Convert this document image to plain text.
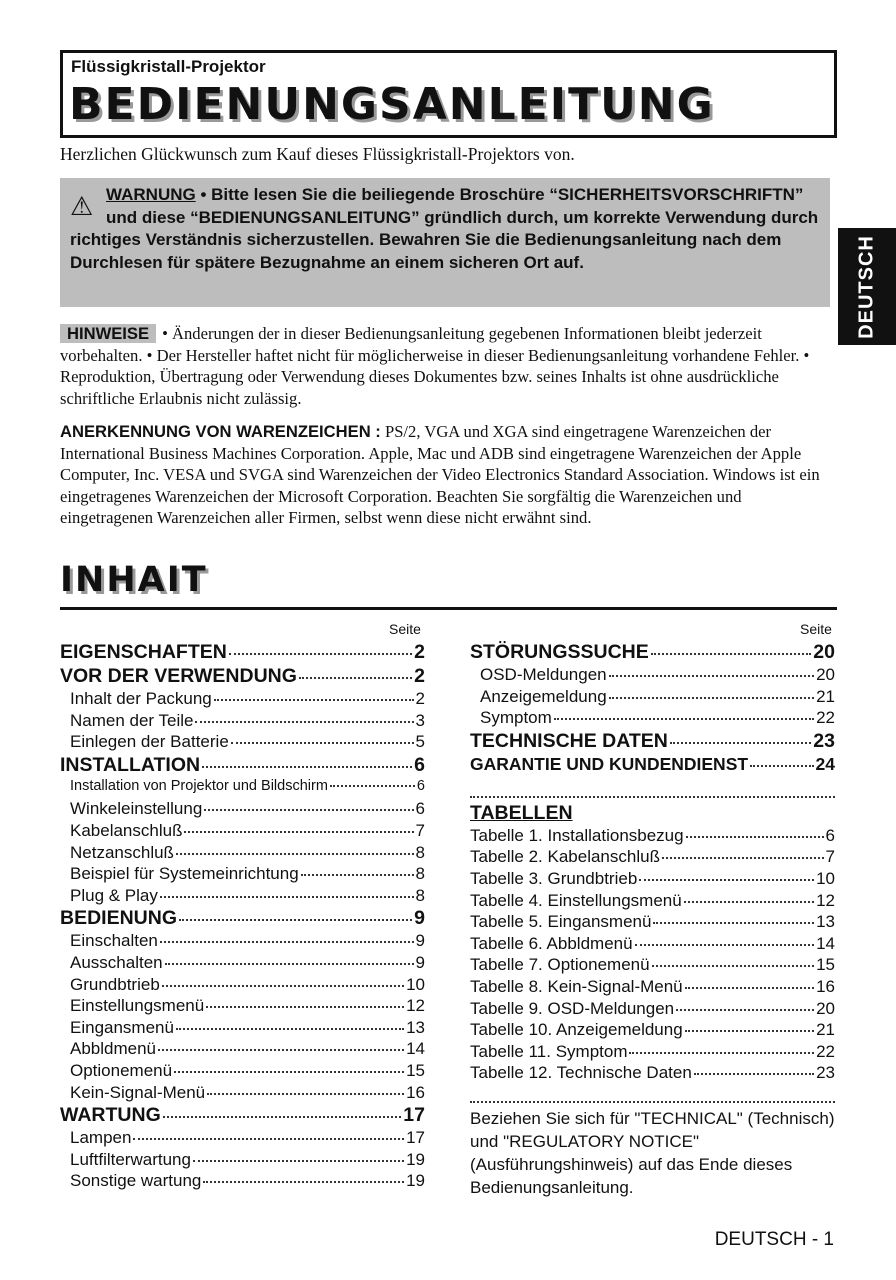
Flüssigkristall-Projektor
BEDIENUNGSANLEITUNG
Herzlichen Glückwunsch zum Kauf dieses Flüssigkristall-Projektors von.
⚠ WARNUNG • Bitte lesen Sie die beiliegende Broschüre “SICHERHEITSVORSCHRIFTN” und diese “BEDIENUNGSANLEITUNG” gründlich durch, um korrekte Verwendung durch richtiges Verständnis sicherzustellen. Bewahren Sie die Bedienungsanleitung nach dem Durchlesen für spätere Bezugnahme an einem sicheren Ort auf.
HINWEISE • Änderungen der in dieser Bedienungsanleitung gegebenen Informationen bleibt jederzeit vorbehalten. • Der Hersteller haftet nicht für möglicherweise in dieser Bedienungsanleitung vorhandene Fehler. • Reproduktion, Übertragung oder Verwendung dieses Dokumentes bzw. seines Inhalts ist ohne ausdrückliche schriftliche Erlaubnis nicht zulässig.
ANERKENNUNG VON WARENZEICHEN : PS/2, VGA und XGA sind eingetragene Warenzeichen der International Business Machines Corporation. Apple, Mac und ADB sind eingetragene Warenzeichen der Apple Computer, Inc. VESA und SVGA sind Warenzeichen der Video Electronics Standard Association. Windows ist ein eingetragenes Warenzeichen der Microsoft Corporation. Beachten Sie sorgfältig die Warenzeichen und eingetragenen Warenzeichen aller Firmen, selbst wenn diese nicht erwähnt sind.
DEUTSCH
INHAIT
Seite	Seite
EIGENSCHAFTEN	2
VOR DER VERWENDUNG	2
Inhalt der Packung	2
Namen der Teile	3
Einlegen der Batterie	5
INSTALLATION	6
Installation von Projektor und Bildschirm	6
Winkeleinstellung	6
Kabelanschluß	7
Netzanschluß	8
Beispiel für Systemeinrichtung	8
Plug & Play	8
BEDIENUNG	9
Einschalten	9
Ausschalten	9
Grundbtrieb	10
Einstellungsmenü	12
Eingansmenü	13
Abbldmenü	14
Optionemenü	15
Kein-Signal-Menü	16
WARTUNG	17
Lampen	17
Luftfilterwartung	19
Sonstige wartung	19
STÖRUNGSSUCHE	20
OSD-Meldungen	20
Anzeigemeldung	21
Symptom	22
TECHNISCHE DATEN	23
GARANTIE UND KUNDENDIENST	24
TABELLEN
Tabelle 1. Installationsbezug	6
Tabelle 2. Kabelanschluß	7
Tabelle 3. Grundbtrieb	10
Tabelle 4. Einstellungsmenü	12
Tabelle 5. Eingansmenü	13
Tabelle 6. Abbldmenü	14
Tabelle 7. Optionemenü	15
Tabelle 8. Kein-Signal-Menü	16
Tabelle 9. OSD-Meldungen	20
Tabelle 10. Anzeigemeldung	21
Tabelle 11. Symptom	22
Tabelle 12. Technische Daten	23
Beziehen Sie sich für "TECHNICAL" (Technisch) und "REGULATORY NOTICE" (Ausführungshinweis) auf das Ende dieses Bedienungsanleitung.
DEUTSCH - 1
